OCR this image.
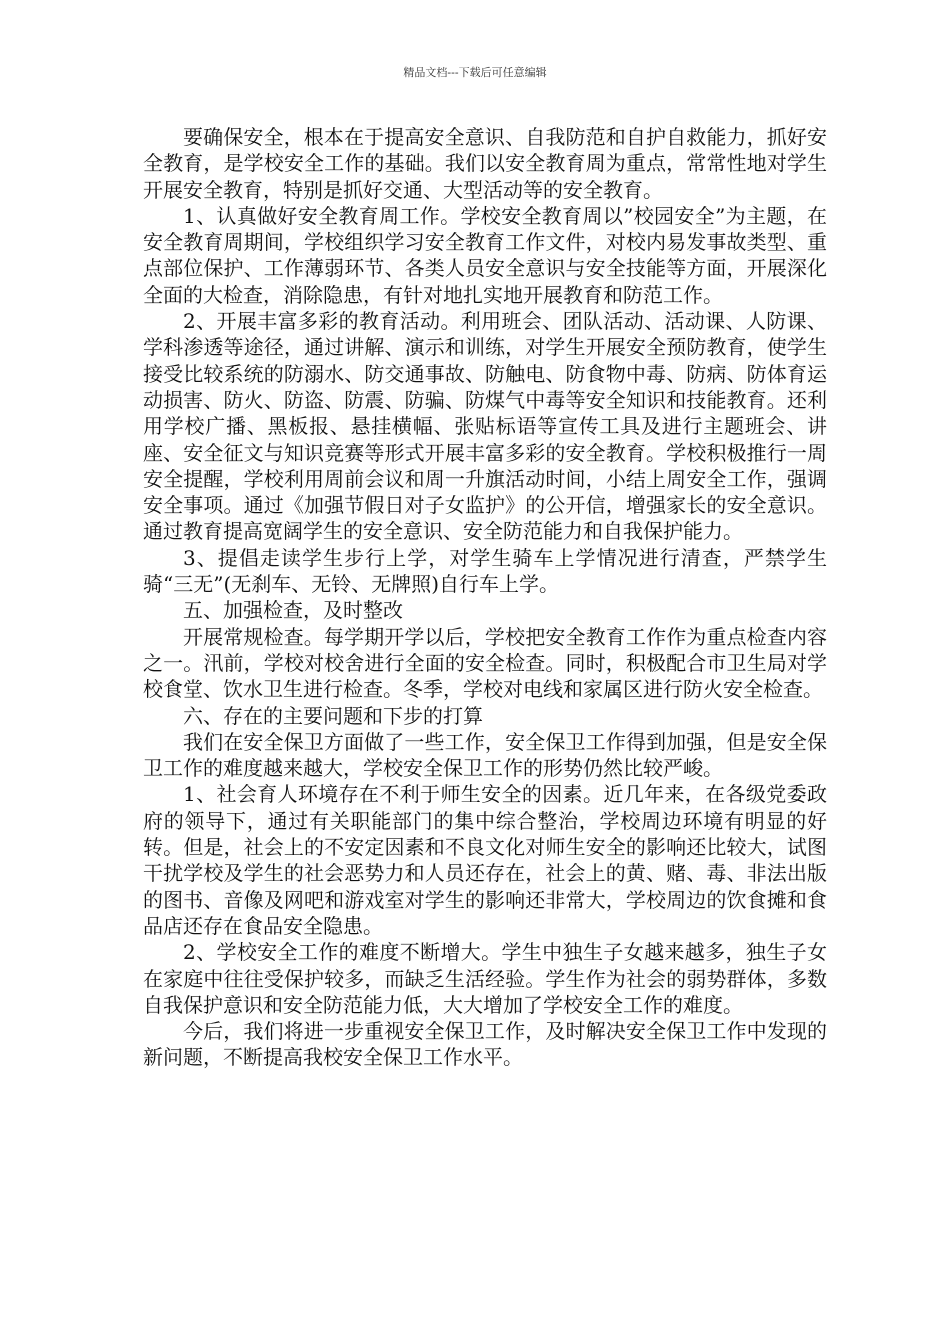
精品文档---下载后可任意编辑

要确保安全，根本在于提高安全意识、自我防范和自护自救能力，抓好安全教育，是学校安全工作的基础。我们以安全教育周为重点，常常性地对学生开展安全教育，特别是抓好交通、大型活动等的安全教育。

1、认真做好安全教育周工作。学校安全教育周以”校园安全”为主题，在安全教育周期间，学校组织学习安全教育工作文件，对校内易发事故类型、重点部位保护、工作薄弱环节、各类人员安全意识与安全技能等方面，开展深化全面的大检查，消除隐患，有针对地扎实地开展教育和防范工作。

2、开展丰富多彩的教育活动。利用班会、团队活动、活动课、人防课、学科渗透等途径，通过讲解、演示和训练，对学生开展安全预防教育，使学生接受比较系统的防溺水、防交通事故、防触电、防食物中毒、防病、防体育运动损害、防火、防盗、防震、防骗、防煤气中毒等安全知识和技能教育。还利用学校广播、黑板报、悬挂横幅、张贴标语等宣传工具及进行主题班会、讲座、安全征文与知识竞赛等形式开展丰富多彩的安全教育。学校积极推行一周安全提醒，学校利用周前会议和周一升旗活动时间，小结上周安全工作，强调安全事项。通过《加强节假日对子女监护》的公开信，增强家长的安全意识。通过教育提高宽阔学生的安全意识、安全防范能力和自我保护能力。

3、提倡走读学生步行上学，对学生骑车上学情况进行清查，严禁学生骑“三无”(无刹车、无铃、无牌照)自行车上学。

五、加强检查，及时整改

开展常规检查。每学期开学以后，学校把安全教育工作作为重点检查内容之一。汛前，学校对校舍进行全面的安全检查。同时，积极配合市卫生局对学校食堂、饮水卫生进行检查。冬季，学校对电线和家属区进行防火安全检查。

六、存在的主要问题和下步的打算

我们在安全保卫方面做了一些工作，安全保卫工作得到加强，但是安全保卫工作的难度越来越大，学校安全保卫工作的形势仍然比较严峻。

1、社会育人环境存在不利于师生安全的因素。近几年来，在各级党委政府的领导下，通过有关职能部门的集中综合整治，学校周边环境有明显的好转。但是，社会上的不安定因素和不良文化对师生安全的影响还比较大，试图干扰学校及学生的社会恶势力和人员还存在，社会上的黄、赌、毒、非法出版的图书、音像及网吧和游戏室对学生的影响还非常大，学校周边的饮食摊和食品店还存在食品安全隐患。

2、学校安全工作的难度不断增大。学生中独生子女越来越多，独生子女在家庭中往往受保护较多，而缺乏生活经验。学生作为社会的弱势群体，多数自我保护意识和安全防范能力低，大大增加了学校安全工作的难度。

今后，我们将进一步重视安全保卫工作，及时解决安全保卫工作中发现的新问题，不断提高我校安全保卫工作水平。
